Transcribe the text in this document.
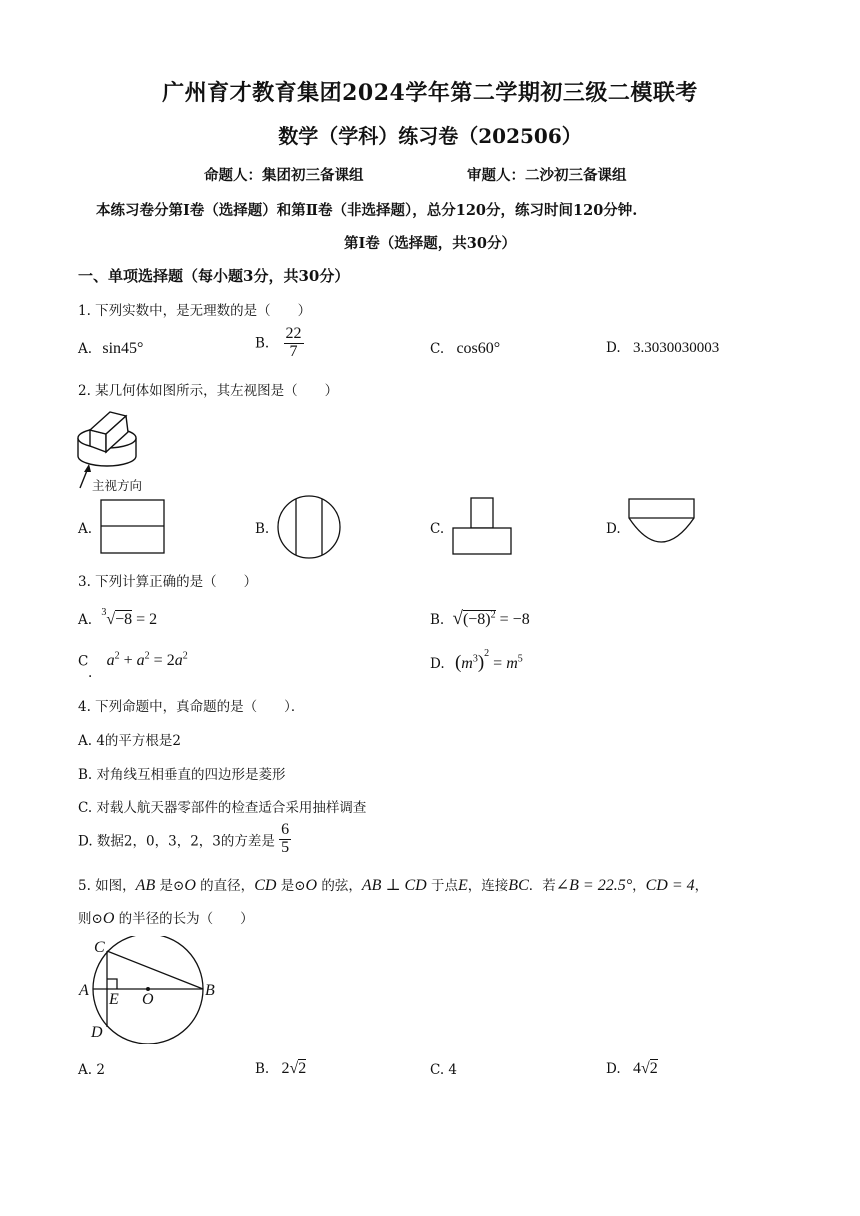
广州育才教育集团2024学年第二学期初三级二模联考
数学（学科）练习卷（202506）
命题人：集团初三备课组	审题人：二沙初三备课组
本练习卷分第Ⅰ卷（选择题）和第Ⅱ卷（非选择题），总分120分，练习时间120分钟.
第Ⅰ卷（选择题，共30分）
一、单项选择题（每小题3分，共30分）
1. 下列实数中，是无理数的是（　　）
A. sin45°	B. $\frac{22}{7}$	C. cos60°	D. 3.3030030003
2. 某几何体如图所示，其左视图是（　　）
主视方向
A.	B.	C.	D.
3. 下列计算正确的是（　　）
A. 3 √−8 = 2	B. $√(-8)^2 = -8$
C
.
$a^2 + a^2 = 2a^2$	D. $(m^3)^2 = m^5$
4. 下列命题中，真命题的是（　　）．
A. 4的平方根是2
B. 对角线互相垂直的四边形是菱形
C. 对载人航天器零部件的检查适合采用抽样调查
D. 数据2，0，3，2，3的方差是 $\frac{6}{5}$
5. 如图，AB 是⊙O 的直径，CD 是⊙O 的弦，AB ⊥ CD 于点E，连接BC．若∠B = 22.5°，CD = 4，
则⊙O 的半径的长为（　　）
C
A
E O
B
D
A. 2	B. 2√2	C. 4	D. 4√2
